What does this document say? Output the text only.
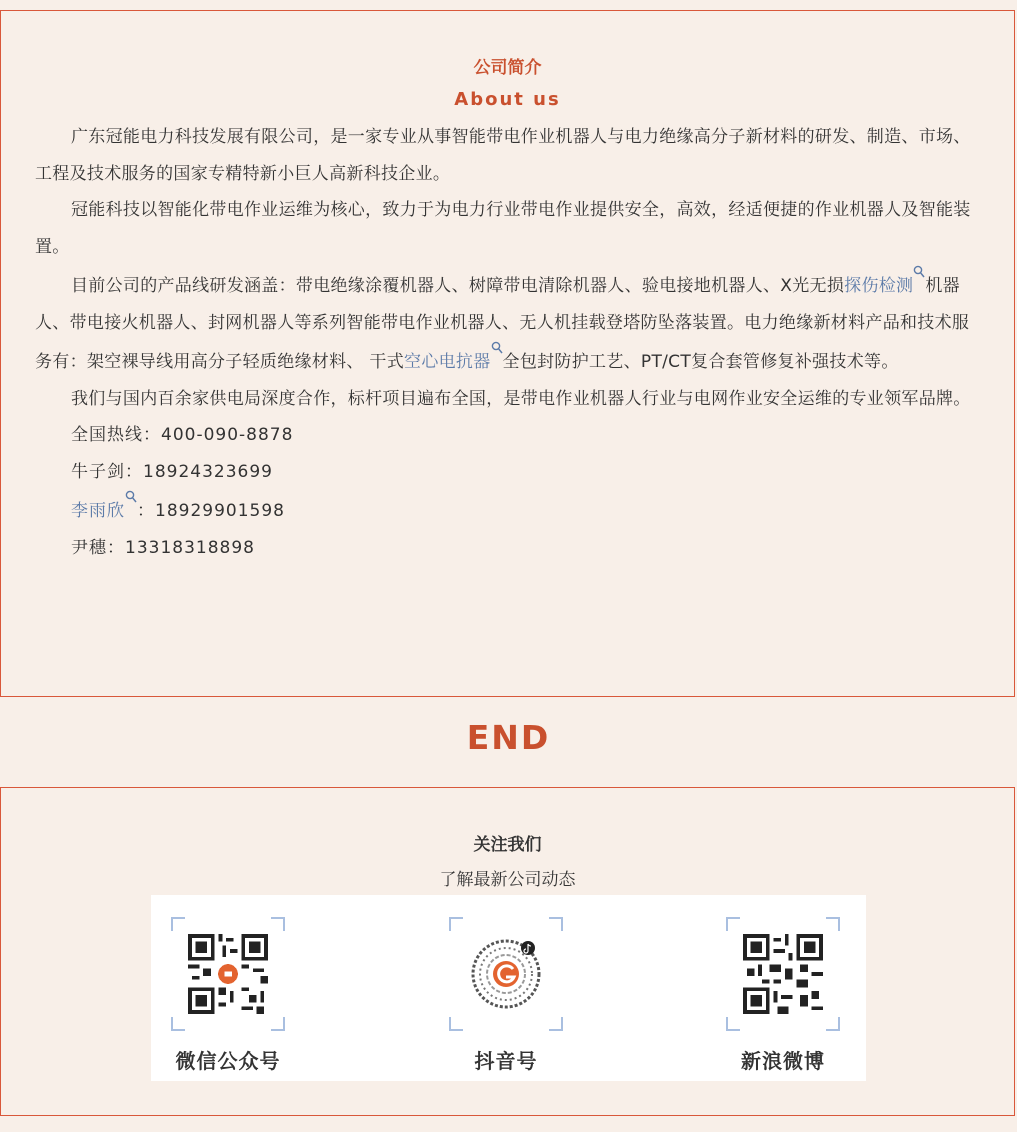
公司简介
About us

广东冠能电力科技发展有限公司，是一家专业从事智能带电作业机器人与电力绝缘高分子新材料的研发、制造、市场、工程及技术服务的国家专精特新小巨人高新科技企业。

冠能科技以智能化带电作业运维为核心，致力于为电力行业带电作业提供安全，高效，经适便捷的作业机器人及智能装置。

目前公司的产品线研发涵盖：带电绝缘涂覆机器人、树障带电清除机器人、验电接地机器人、X光无损探伤检测 机器人、带电接火机器人、封网机器人等系列智能带电作业机器人、无人机挂载登塔防坠落装置。电力绝缘新材料产品和技术服务有：架空裸导线用高分子轻质绝缘材料、 干式空心电抗器 全包封防护工艺、PT/CT复合套管修复补强技术等。

我们与国内百余家供电局深度合作，标杆项目遍布全国，是带电作业机器人行业与电网作业安全运维的专业领军品牌。

全国热线：400-090-8878

牛子剑：18924323699

李雨欣 ：18929901598

尹穗：13318318898

END
关注我们
了解最新公司动态
微信公众号	抖音号	新浪微博
